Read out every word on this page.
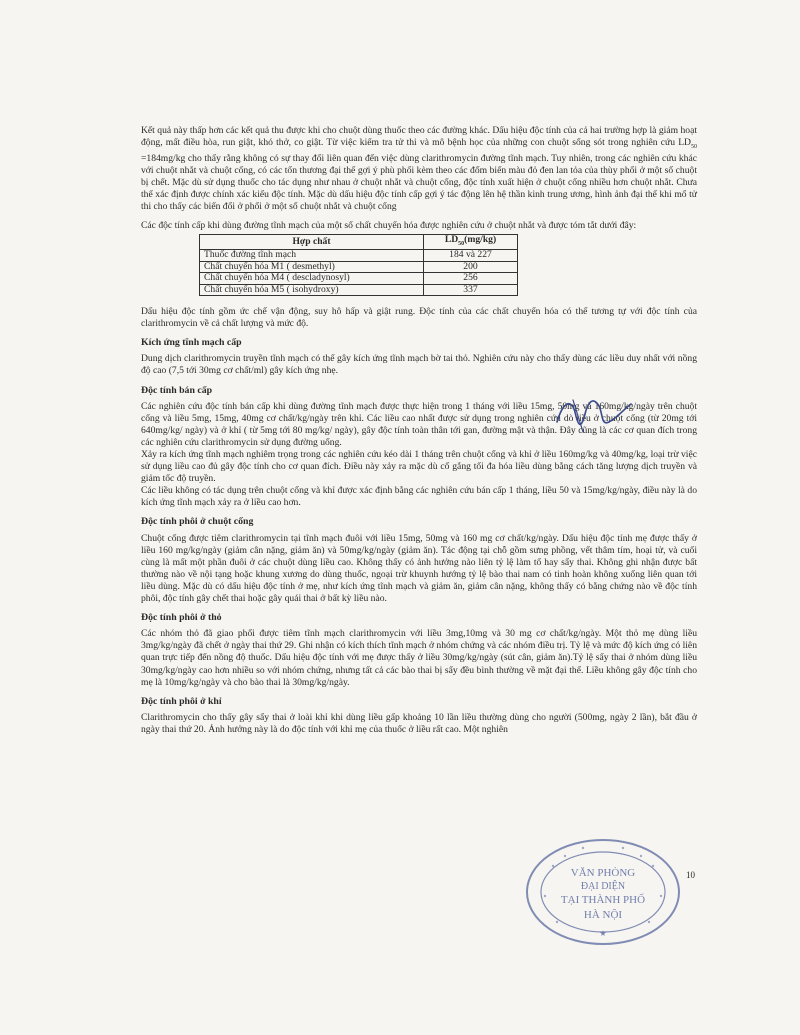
Kết quả này thấp hơn các kết quả thu được khi cho chuột dùng thuốc theo các đường khác. Dấu hiệu độc tính của cả hai trường hợp là giảm hoạt động, mất điều hòa, run giật, khó thở, co giật. Từ việc kiểm tra tử thi và mô bệnh học của những con chuột sống sót trong nghiên cứu $LD_{50} =184mg/kg$ cho thấy rằng không có sự thay đổi liên quan đến việc dùng clarithromycin đường tĩnh mạch. Tuy nhiên, trong các nghiên cứu khác với chuột nhắt và chuột cống, có các tổn thương đại thể gợi ý phù phổi kèm theo các đốm biến màu đỏ đen lan tỏa của thùy phổi ở một số chuột bị chết. Mặc dù sử dụng thuốc cho tác dụng như nhau ở chuột nhắt và chuột cống, độc tính xuất hiện ở chuột cống nhiều hơn chuột nhắt. Chưa thể xác định được chính xác kiểu độc tính. Mặc dù dấu hiệu độc tính cấp gợi ý tác động lên hệ thần kinh trung ương, hình ảnh đại thể khi mổ tử thi cho thấy các biến đổi ở phổi ở một số chuột nhắt và chuột cống

Các độc tính cấp khi dùng đường tĩnh mạch của một số chất chuyển hóa được nghiên cứu ở chuột nhắt và được tóm tắt dưới đây:

Hợp chất	$LD_{50}(mg/kg)$
Thuốc đường tĩnh mạch	184 và 227
Chất chuyển hóa M1 ( desmethyl)	200
Chất chuyển hóa M4 ( descladynosyl)	256
Chất chuyển hóa M5 ( isohydroxy)	337

Dấu hiệu độc tính gồm ức chế vận động, suy hô hấp và giật rung. Độc tính của các chất chuyển hóa có thể tương tự với độc tính của clarithromycin về cả chất lượng và mức độ.

Kích ứng tĩnh mạch cấp

Dung dịch clarithromycin truyền tĩnh mạch có thể gây kích ứng tĩnh mạch bờ tai thỏ. Nghiên cứu này cho thấy dùng các liều duy nhất với nồng độ cao (7,5 tới 30mg cơ chất/ml) gây kích ứng nhẹ.

Độc tính bán cấp

Các nghiên cứu độc tính bán cấp khi dùng đường tĩnh mạch được thực hiện trong 1 tháng với liều 15mg, 50mg và 160mg/kg/ngày trên chuột cống và liều 5mg, 15mg, 40mg cơ chất/kg/ngày trên khỉ. Các liều cao nhất được sử dụng trong nghiên cứu dò liều ở chuột cống (từ 20mg tới 640mg/kg/ ngày) và ở khỉ ( từ 5mg tới 80 mg/kg/ ngày), gây độc tính toàn thân tới gan, đường mật và thận. Đây cũng là các cơ quan đích trong các nghiên cứu clarithromycin sử dụng đường uống.

Xảy ra kích ứng tĩnh mạch nghiêm trọng trong các nghiên cứu kéo dài 1 tháng trên chuột cống và khỉ ở liều 160mg/kg và 40mg/kg, loại trừ việc sử dụng liều cao đủ gây độc tính cho cơ quan đích. Điều này xảy ra mặc dù cố gắng tối đa hóa liều dùng bằng cách tăng lượng dịch truyền và giảm tốc độ truyền.

Các liều không có tác dụng trên chuột cống và khỉ được xác định bằng các nghiên cứu bán cấp 1 tháng, liều 50 và 15mg/kg/ngày, điều này là do kích ứng tĩnh mạch xảy ra ở liều cao hơn.

Độc tính phôi ở chuột cống

Chuột cống được tiêm clarithromycin tại tĩnh mạch đuôi với liều 15mg, 50mg và 160 mg cơ chất/kg/ngày. Dấu hiệu độc tính mẹ được thấy ở liều 160 mg/kg/ngày (giảm cân nặng, giảm ăn) và 50mg/kg/ngày (giảm ăn). Tác động tại chỗ gồm sưng phồng, vết thâm tím, hoại tử, và cuối cùng là mất một phần đuôi ở các chuột dùng liều cao. Không thấy có ảnh hưởng nào liên tỷ lệ làm tổ hay sẩy thai. Không ghi nhận được bất thường nào về nội tạng hoặc khung xương do dùng thuốc, ngoại trừ khuynh hướng tỷ lệ bào thai nam có tinh hoàn không xuống liên quan tới liều dùng. Mặc dù có dấu hiệu độc tính ở mẹ, như kích ứng tĩnh mạch và giảm ăn, giảm cân nặng, không thấy có bằng chứng nào về độc tính phôi, độc tính gây chết thai hoặc gây quái thai ở bất kỳ liều nào.

Độc tính phôi ở thỏ

Các nhóm thỏ đã giao phối được tiêm tĩnh mạch clarithromycin với liều 3mg,10mg và 30 mg cơ chất/kg/ngày. Một thỏ mẹ dùng liều 3mg/kg/ngày đã chết ở ngày thai thứ 29. Ghi nhận có kích thích tĩnh mạch ở nhóm chứng và các nhóm điều trị. Tỷ lệ và mức độ kích ứng có liên quan trực tiếp đến nồng độ thuốc. Dấu hiệu độc tính với mẹ được thấy ở liều 30mg/kg/ngày (sút cân, giảm ăn).Tỷ lệ sẩy thai ở nhóm dùng liều 30mg/kg/ngày cao hơn nhiều so với nhóm chứng, nhưng tất cả các bào thai bị sẩy đều bình thường về mặt đại thể. Liều không gây độc tính cho mẹ là 10mg/kg/ngày và cho bào thai là 30mg/kg/ngày.

Độc tính phôi ở khỉ

Clarithromycin cho thấy gây sẩy thai ở loài khỉ khi dùng liều gấp khoảng 10 lần liều thường dùng cho người (500mg, ngày 2 lần), bắt đầu ở ngày thai thứ 20. Ảnh hưởng này là do độc tính với khỉ mẹ của thuốc ở liều rất cao. Một nghiên

10
VĂN PHÒNG
ĐẠI DIỆN
TẠI THÀNH PHỐ
HÀ NỘI
★
